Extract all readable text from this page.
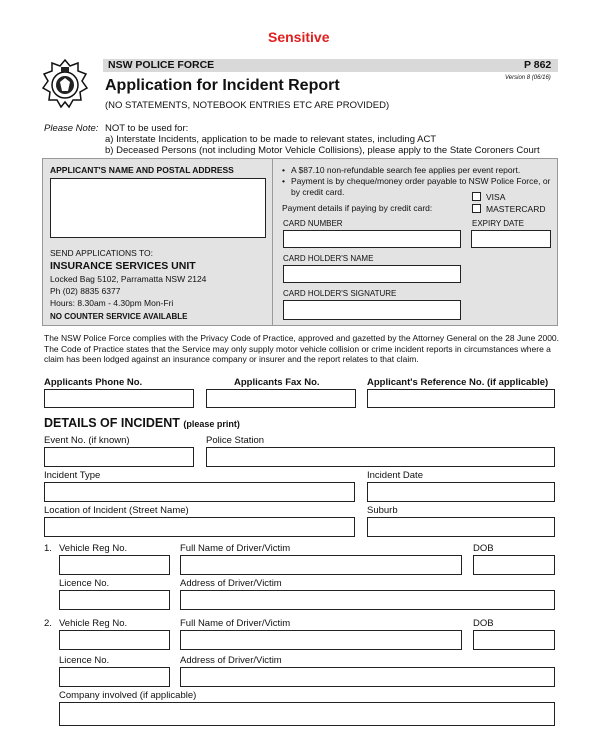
Sensitive
NSW POLICE FORCE	P 862
Version 8 (06/16)
Application for Incident Report
(NO STATEMENTS, NOTEBOOK ENTRIES ETC ARE PROVIDED)
Please Note: NOT to be used for:
a) Interstate Incidents, application to be made to relevant states, including ACT
b) Deceased Persons (not including Motor Vehicle Collisions), please apply to the State Coroners Court
APPLICANT'S NAME AND POSTAL ADDRESS
SEND APPLICATIONS TO:
INSURANCE SERVICES UNIT
Locked Bag 5102, Parramatta NSW 2124
Ph (02) 8835 6377
Hours: 8.30am - 4.30pm Mon-Fri
NO COUNTER SERVICE AVAILABLE
• A $87.10 non-refundable search fee applies per event report.
• Payment is by cheque/money order payable to NSW Police Force, or by credit card.
Payment details if paying by credit card:
VISA
MASTERCARD
CARD NUMBER	EXPIRY DATE
CARD HOLDER'S NAME
CARD HOLDER'S SIGNATURE
The NSW Police Force complies with the Privacy Code of Practice, approved and gazetted by the Attorney General on the 28 June 2000. The Code of Practice states that the Service may only supply motor vehicle collision or crime incident reports in circumstances where a claim has been lodged against an insurance company or insurer and the report relates to that claim.
Applicants Phone No.	Applicants Fax No.	Applicant's Reference No. (if applicable)
DETAILS OF INCIDENT (please print)
Event No. (if known)	Police Station
Incident Type	Incident Date
Location of Incident (Street Name)	Suburb
1. Vehicle Reg No.	Full Name of Driver/Victim	DOB
Licence No.	Address of Driver/Victim
2. Vehicle Reg No.	Full Name of Driver/Victim	DOB
Licence No.	Address of Driver/Victim
Company involved (if applicable)
